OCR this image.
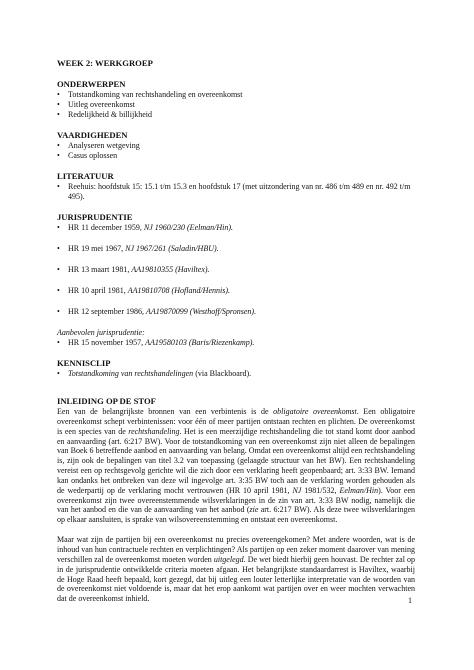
WEEK 2: WERKGROEP

ONDERWERPEN

•	Totstandkoming van rechtshandeling en overeenkomst
•	Uitleg overeenkomst
•	Redelijkheid & billijkheid

VAARDIGHEDEN

•	Analyseren wetgeving
•	Casus oplossen

LITERATUUR

•	Reehuis: hoofdstuk 15: 15.1 t/m 15.3 en hoofdstuk 17 (met uitzondering van nr. 486 t/m 489 en nr. 492 t/m 495).

JURISPRUDENTIE

•	HR 11 december 1959, NJ 1960/230 (Eelman/Hin).
•	HR 19 mei 1967, NJ 1967/261 (Saladin/HBU).
•	HR 13 maart 1981, AA19810355 (Haviltex).
•	HR 10 april 1981, AA19810708 (Hofland/Hennis).
•	HR 12 september 1986, AA19870099 (Westhoff/Spronsen).

Aanbevolen jurisprudentie:

•	HR 15 november 1957, AA19580103 (Baris/Riezenkamp).

KENNISCLIP

•	Totstandkoming van rechtshandelingen (via Blackboard).

INLEIDING OP DE STOF

Een van de belangrijkste bronnen van een verbintenis is de obligatoire overeenkomst. Een obligatoire overeenkomst schept verbintenissen: voor één of meer partijen ontstaan rechten en plichten. De overeenkomst is een species van de rechtshandeling. Het is een meerzijdige rechtshandeling die tot stand komt door aanbod en aanvaarding (art. 6:217 BW). Voor de totstandkoming van een overeenkomst zijn niet alleen de bepalingen van Boek 6 betreffende aanbod en aanvaarding van belang. Omdat een overeenkomst altijd een rechtshandeling is, zijn ook de bepalingen van titel 3.2 van toepassing (gelaagde structuur van het BW). Een rechtshandeling vereist een op rechtsgevolg gerichte wil die zich door een verklaring heeft geopenbaard; art. 3:33 BW. Iemand kan ondanks het ontbreken van deze wil ingevolge art. 3:35 BW toch aan de verklaring worden gehouden als de wederpartij op de verklaring mocht vertrouwen (HR 10 april 1981, NJ 1981/532, Eelman/Hin). Voor een overeenkomst zijn twee overeenstemmende wilsverklaringen in de zin van art. 3:33 BW nodig, namelijk die van het aanbod en die van de aanvaarding van het aanbod (zie art. 6:217 BW). Als deze twee wilsverklaringen op elkaar aansluiten, is sprake van wilsovereenstemming en ontstaat een overeenkomst.

Maar wat zijn de partijen bij een overeenkomst nu precies overeengekomen? Met andere woorden, wat is de inhoud van hun contractuele rechten en verplichtingen? Als partijen op een zeker moment daarover van mening verschillen zal de overeenkomst moeten worden uitgelegd. De wet biedt hierbij geen houvast. De rechter zal op in de jurisprudentie ontwikkelde criteria moeten afgaan. Het belangrijkste standaardarrest is Haviltex, waarbij de Hoge Raad heeft bepaald, kort gezegd, dat bij uitleg een louter letterlijke interpretatie van de woorden van de overeenkomst niet voldoende is, maar dat het erop aankomt wat partijen over en weer mochten verwachten dat de overeenkomst inhield.	1
